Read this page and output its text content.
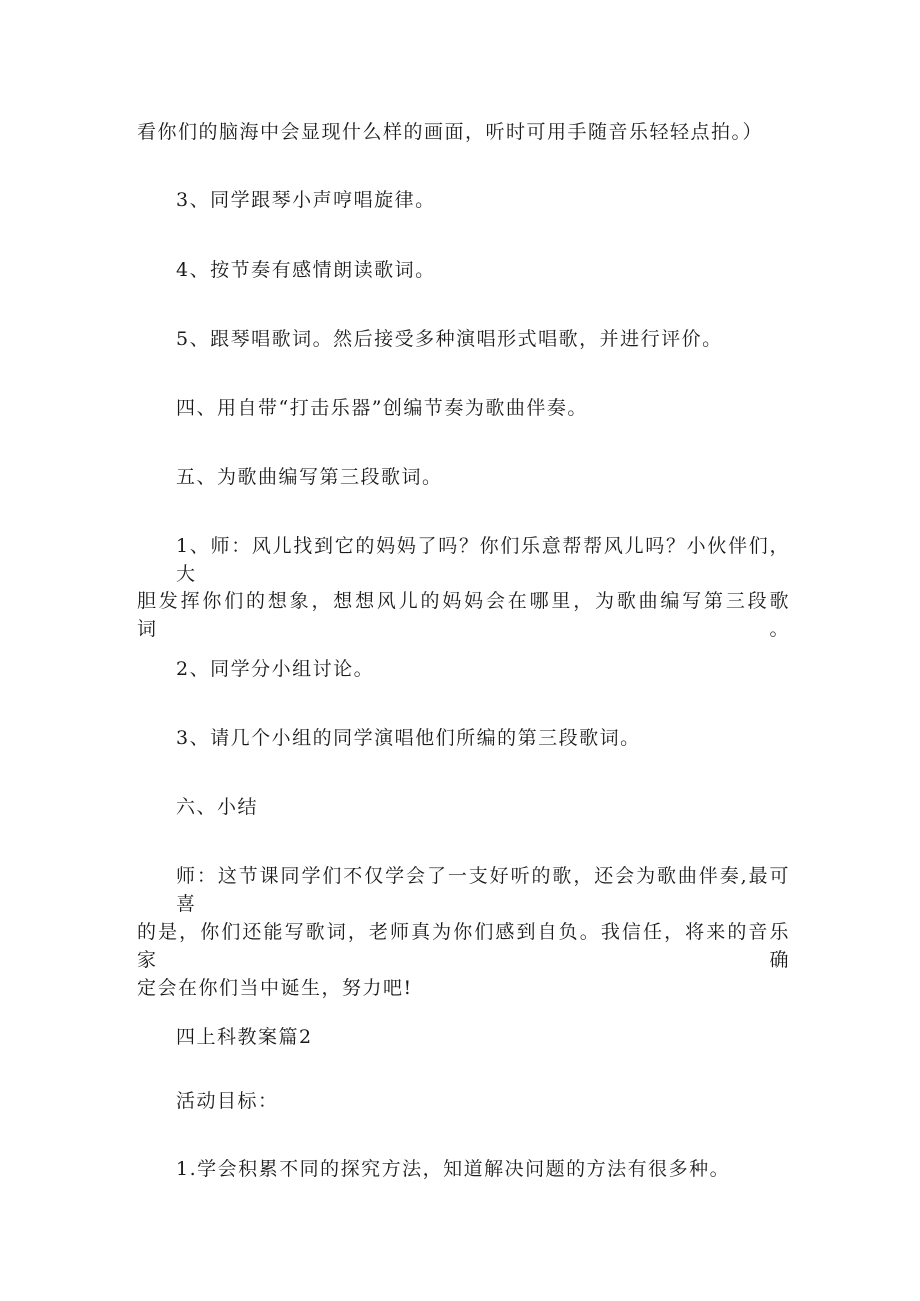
看你们的脑海中会显现什么样的画面，听时可用手随音乐轻轻点拍。）
3、同学跟琴小声哼唱旋律。
4、按节奏有感情朗读歌词。
5、跟琴唱歌词。然后接受多种演唱形式唱歌，并进行评价。
四、用自带“打击乐器”创编节奏为歌曲伴奏。
五、为歌曲编写第三段歌词。
1、师：风儿找到它的妈妈了吗？你们乐意帮帮风儿吗？小伙伴们，大
胆发挥你们的想象，想想风儿的妈妈会在哪里，为歌曲编写第三段歌词。
2、同学分小组讨论。
3、请几个小组的同学演唱他们所编的第三段歌词。
六、小结
师：这节课同学们不仅学会了一支好听的歌，还会为歌曲伴奏,最可喜
的是，你们还能写歌词，老师真为你们感到自负。我信任，将来的音乐家确
定会在你们当中诞生，努力吧!
四上科教案篇2
活动目标：
1.学会积累不同的探究方法，知道解决问题的方法有很多种。
